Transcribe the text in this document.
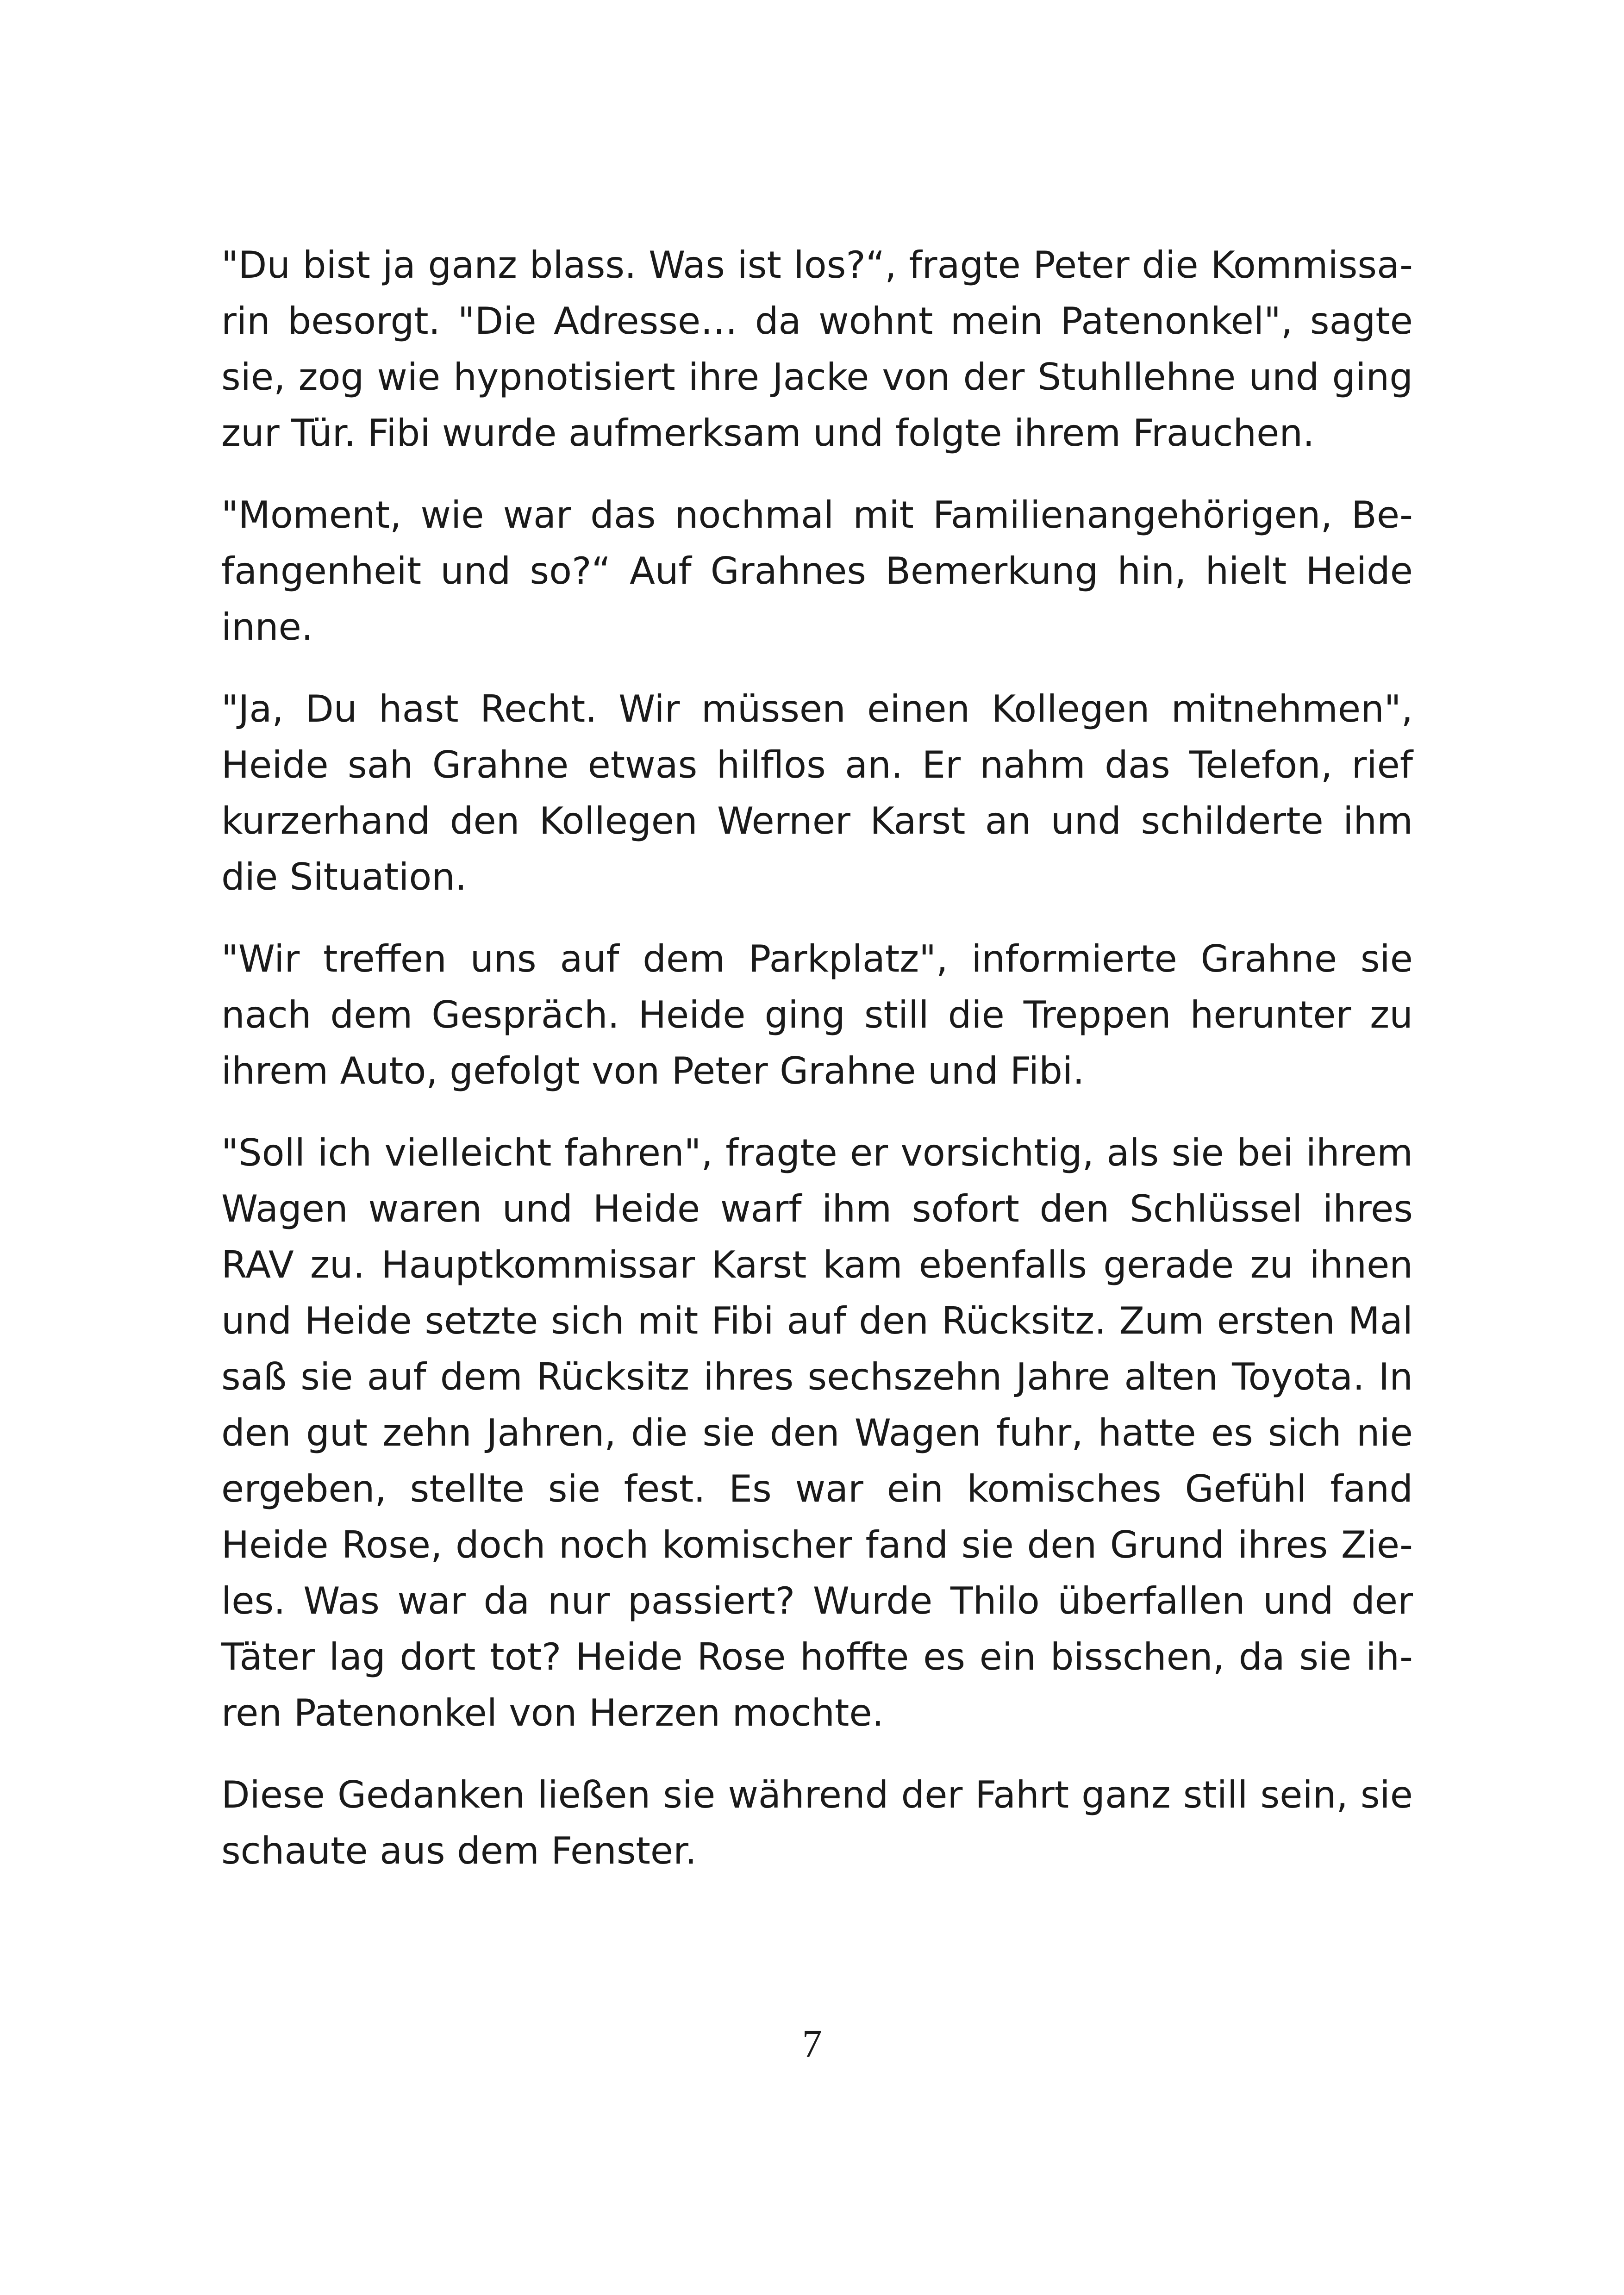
"Du bist ja ganz blass. Was ist los?“, fragte Peter die Kommissarin besorgt. "Die Adresse… da wohnt mein Patenonkel", sagte sie, zog wie hypnotisiert ihre Jacke von der Stuhllehne und ging zur Tür. Fibi wurde aufmerksam und folgte ihrem Frauchen.

"Moment, wie war das nochmal mit Familienangehörigen, Befangenheit und so?“ Auf Grahnes Bemerkung hin, hielt Heide inne.

"Ja, Du hast Recht. Wir müssen einen Kollegen mitnehmen", Heide sah Grahne etwas hilflos an. Er nahm das Telefon, rief kurzerhand den Kollegen Werner Karst an und schilderte ihm die Situation.

"Wir treffen uns auf dem Parkplatz", informierte Grahne sie nach dem Gespräch. Heide ging still die Treppen herunter zu ihrem Auto, gefolgt von Peter Grahne und Fibi.

"Soll ich vielleicht fahren", fragte er vorsichtig, als sie bei ihrem Wagen waren und Heide warf ihm sofort den Schlüssel ihres RAV zu. Hauptkommissar Karst kam ebenfalls gerade zu ihnen und Heide setzte sich mit Fibi auf den Rücksitz. Zum ersten Mal saß sie auf dem Rücksitz ihres sechszehn Jahre alten Toyota. In den gut zehn Jahren, die sie den Wagen fuhr, hatte es sich nie ergeben, stellte sie fest. Es war ein komisches Gefühl fand Heide Rose, doch noch komischer fand sie den Grund ihres Zieles. Was war da nur passiert? Wurde Thilo überfallen und der Täter lag dort tot? Heide Rose hoffte es ein bisschen, da sie ihren Patenonkel von Herzen mochte.

Diese Gedanken ließen sie während der Fahrt ganz still sein, sie schaute aus dem Fenster.

7
